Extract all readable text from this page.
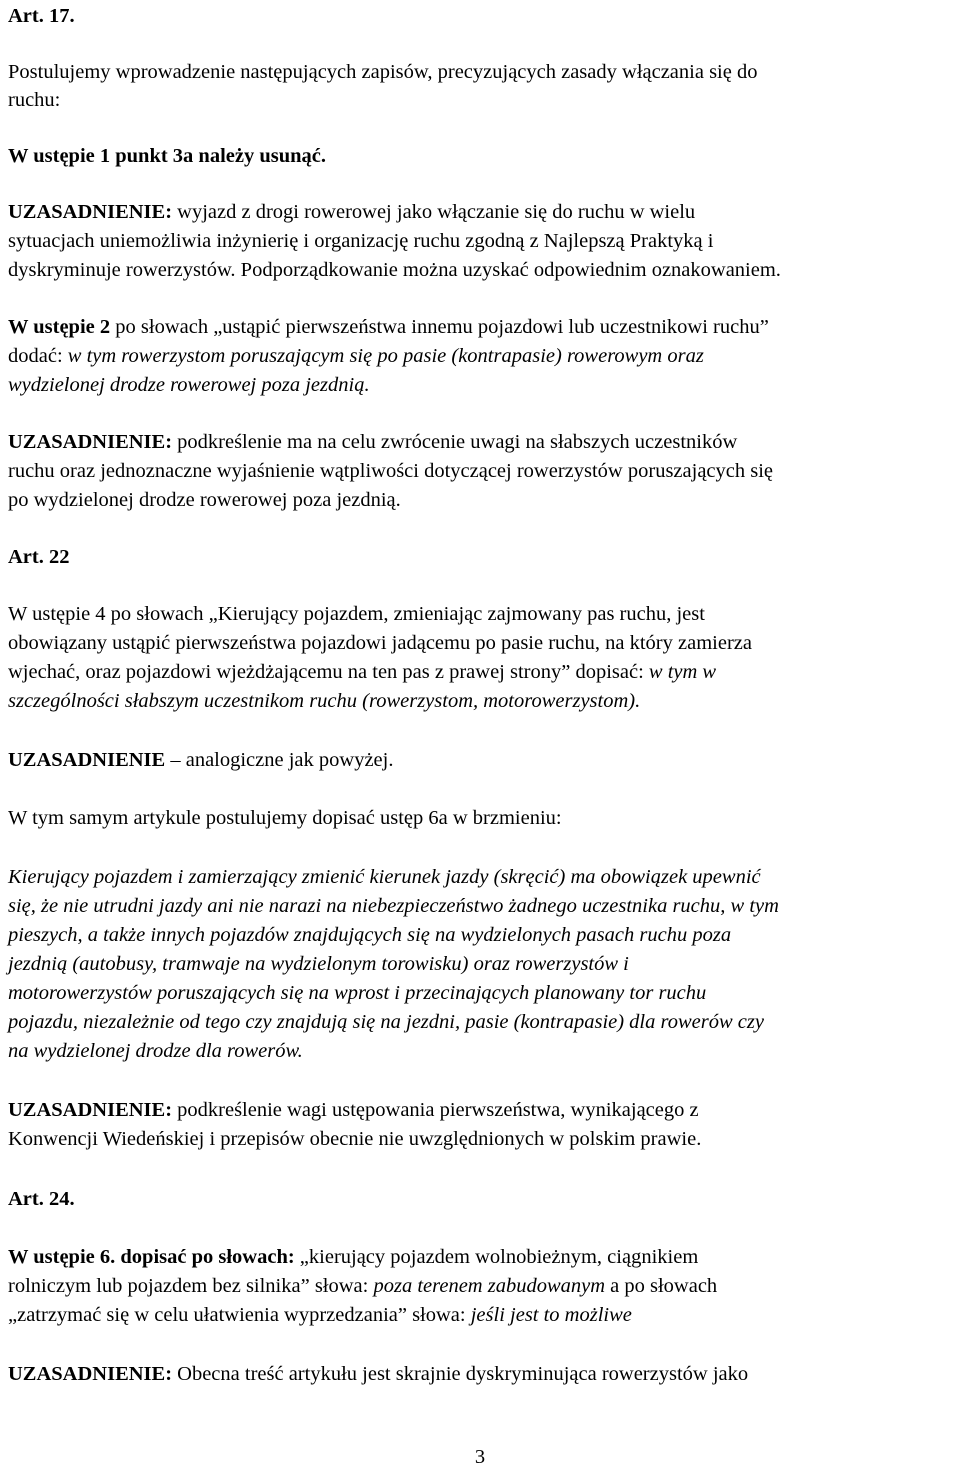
Art. 17.
Postulujemy wprowadzenie następujących zapisów, precyzujących zasady włączania się do
ruchu:
W ustępie 1 punkt 3a należy usunąć.
UZASADNIENIE: wyjazd z drogi rowerowej jako włączanie się do ruchu w wielu
sytuacjach uniemożliwia inżynierię i organizację ruchu zgodną z Najlepszą Praktyką i
dyskryminuje rowerzystów. Podporządkowanie można uzyskać odpowiednim oznakowaniem.
W ustępie 2 po słowach „ustąpić pierwszeństwa innemu pojazdowi lub uczestnikowi ruchu”
dodać: w tym rowerzystom poruszającym się po pasie (kontrapasie) rowerowym oraz
wydzielonej drodze rowerowej poza jezdnią.
UZASADNIENIE: podkreślenie ma na celu zwrócenie uwagi na słabszych uczestników
ruchu oraz jednoznaczne wyjaśnienie wątpliwości dotyczącej rowerzystów poruszających się
po wydzielonej drodze rowerowej poza jezdnią.
Art. 22
W ustępie 4 po słowach „Kierujący pojazdem, zmieniając zajmowany pas ruchu, jest
obowiązany ustąpić pierwszeństwa pojazdowi jadącemu po pasie ruchu, na który zamierza
wjechać, oraz pojazdowi wjeżdżającemu na ten pas z prawej strony” dopisać: w tym w
szczególności słabszym uczestnikom ruchu (rowerzystom, motorowerzystom).
UZASADNIENIE – analogiczne jak powyżej.
W tym samym artykule postulujemy dopisać ustęp 6a w brzmieniu:
Kierujący pojazdem i zamierzający zmienić kierunek jazdy (skręcić) ma obowiązek upewnić
się, że nie utrudni jazdy ani nie narazi na niebezpieczeństwo żadnego uczestnika ruchu, w tym
pieszych, a także innych pojazdów znajdujących się na wydzielonych pasach ruchu poza
jezdnią (autobusy, tramwaje na wydzielonym torowisku) oraz rowerzystów i
motorowerzystów poruszających się na wprost i przecinających planowany tor ruchu
pojazdu, niezależnie od tego czy znajdują się na jezdni, pasie (kontrapasie) dla rowerów czy
na wydzielonej drodze dla rowerów.
UZASADNIENIE: podkreślenie wagi ustępowania pierwszeństwa, wynikającego z
Konwencji Wiedeńskiej i przepisów obecnie nie uwzględnionych w polskim prawie.
Art. 24.
W ustępie 6. dopisać po słowach: „kierujący pojazdem wolnobieżnym, ciągnikiem
rolniczym lub pojazdem bez silnika” słowa: poza terenem zabudowanym a po słowach
„zatrzymać się w celu ułatwienia wyprzedzania” słowa: jeśli jest to możliwe
UZASADNIENIE: Obecna treść artykułu jest skrajnie dyskryminująca rowerzystów jako
3
